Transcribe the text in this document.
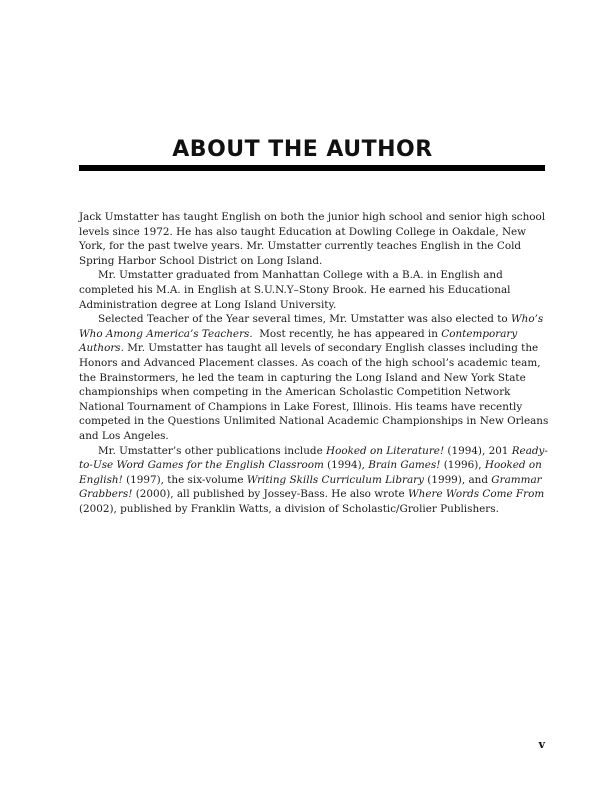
ABOUT THE AUTHOR

Jack Umstatter has taught English on both the junior high school and senior high school levels since 1972. He has also taught Education at Dowling College in Oakdale, New York, for the past twelve years. Mr. Umstatter currently teaches English in the Cold Spring Harbor School District on Long Island.

Mr. Umstatter graduated from Manhattan College with a B.A. in English and completed his M.A. in English at S.U.N.Y–Stony Brook. He earned his Educational Administration degree at Long Island University.

Selected Teacher of the Year several times, Mr. Umstatter was also elected to Who’s Who Among America’s Teachers.  Most recently, he has appeared in Contemporary Authors. Mr. Umstatter has taught all levels of secondary English classes including the Honors and Advanced Placement classes. As coach of the high school’s academic team, the Brainstormers, he led the team in capturing the Long Island and New York State championships when competing in the American Scholastic Competition Network National Tournament of Champions in Lake Forest, Illinois. His teams have recently competed in the Questions Unlimited National Academic Championships in New Orleans and Los Angeles.

Mr. Umstatter’s other publications include Hooked on Literature! (1994), 201 Ready-to-Use Word Games for the English Classroom (1994), Brain Games! (1996), Hooked on English! (1997), the six-volume Writing Skills Curriculum Library (1999), and Grammar Grabbers! (2000), all published by Jossey-Bass. He also wrote Where Words Come From (2002), published by Franklin Watts, a division of Scholastic/Grolier Publishers.

v
